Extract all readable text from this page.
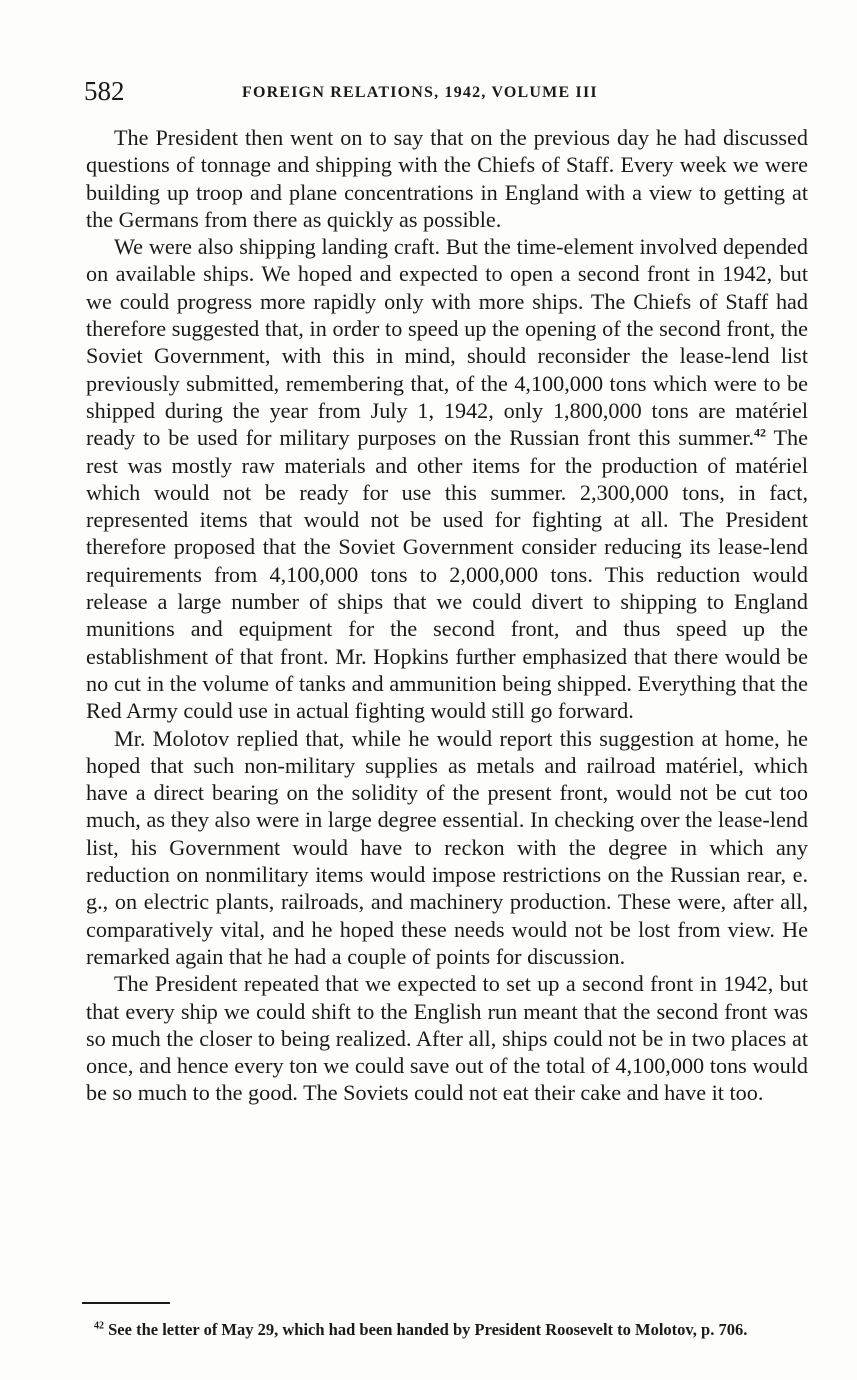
582	FOREIGN RELATIONS, 1942, VOLUME III

The President then went on to say that on the previous day he had discussed questions of tonnage and shipping with the Chiefs of Staff. Every week we were building up troop and plane concentrations in England with a view to getting at the Germans from there as quickly as possible.

We were also shipping landing craft. But the time-element involved depended on available ships. We hoped and expected to open a second front in 1942, but we could progress more rapidly only with more ships. The Chiefs of Staff had therefore suggested that, in order to speed up the opening of the second front, the Soviet Government, with this in mind, should reconsider the lease-lend list previously submitted, remembering that, of the 4,100,000 tons which were to be shipped during the year from July 1, 1942, only 1,800,000 tons are matériel ready to be used for military purposes on the Russian front this summer.$^{42}$ The rest was mostly raw materials and other items for the production of matériel which would not be ready for use this summer. 2,300,000 tons, in fact, represented items that would not be used for fighting at all. The President therefore proposed that the Soviet Government consider reducing its lease-lend requirements from 4,100,000 tons to 2,000,000 tons. This reduction would release a large number of ships that we could divert to shipping to England munitions and equipment for the second front, and thus speed up the establishment of that front. Mr. Hopkins further emphasized that there would be no cut in the volume of tanks and ammunition being shipped. Everything that the Red Army could use in actual fighting would still go forward.

Mr. Molotov replied that, while he would report this suggestion at home, he hoped that such non-military supplies as metals and railroad matériel, which have a direct bearing on the solidity of the present front, would not be cut too much, as they also were in large degree essential. In checking over the lease-lend list, his Government would have to reckon with the degree in which any reduction on nonmilitary items would impose restrictions on the Russian rear, e. g., on electric plants, railroads, and machinery production. These were, after all, comparatively vital, and he hoped these needs would not be lost from view. He remarked again that he had a couple of points for discussion.

The President repeated that we expected to set up a second front in 1942, but that every ship we could shift to the English run meant that the second front was so much the closer to being realized. After all, ships could not be in two places at once, and hence every ton we could save out of the total of 4,100,000 tons would be so much to the good. The Soviets could not eat their cake and have it too.

$^{42}$ See the letter of May 29, which had been handed by President Roosevelt to Molotov, p. 706.
